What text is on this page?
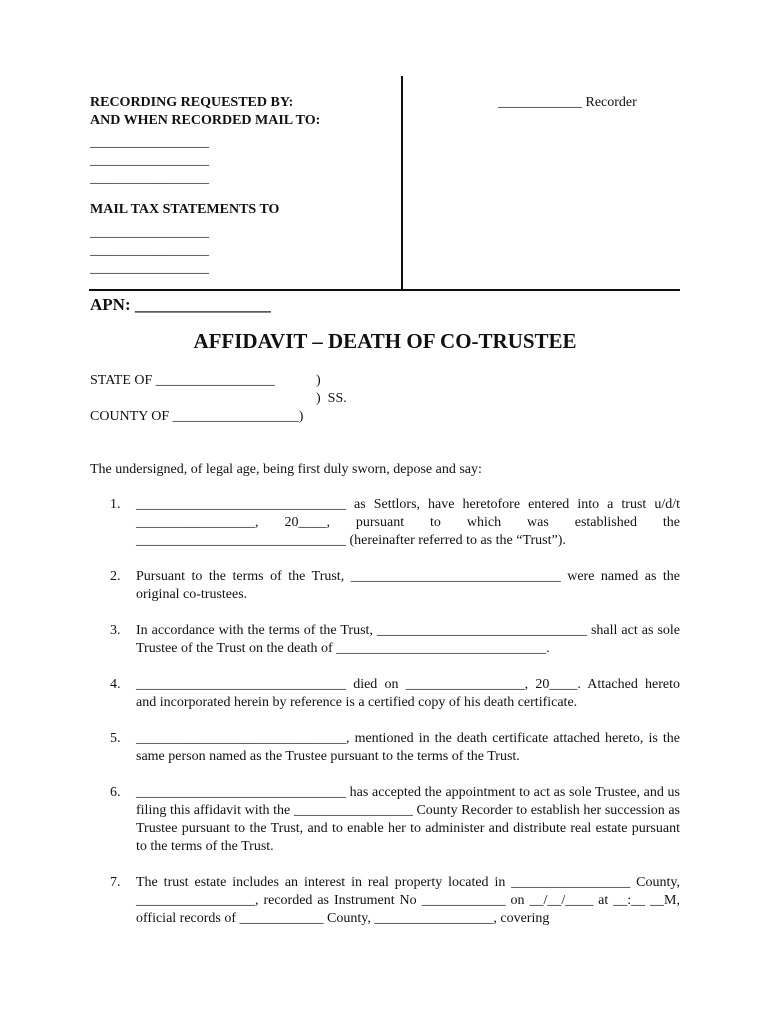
RECORDING REQUESTED BY:
AND WHEN RECORDED MAIL TO:
_________________
_________________
_________________
MAIL TAX STATEMENTS TO
_________________
_________________
_________________
____________ Recorder
APN: ________________
AFFIDAVIT – DEATH OF CO-TRUSTEE
STATE OF _________________	)
)  SS.
COUNTY OF __________________)
The undersigned, of legal age, being first duly sworn, depose and say:
1. ______________________________ as Settlors, have heretofore entered into a trust u/d/t _________________, 20____, pursuant to which was established the ______________________________ (hereinafter referred to as the “Trust”).
2. Pursuant to the terms of the Trust, ______________________________ were named as the original co-trustees.
3. In accordance with the terms of the Trust, ______________________________ shall act as sole Trustee of the Trust on the death of ______________________________.
4. ______________________________ died on _________________, 20____. Attached hereto and incorporated herein by reference is a certified copy of his death certificate.
5. ______________________________, mentioned in the death certificate attached hereto, is the same person named as the Trustee pursuant to the terms of the Trust.
6. ______________________________ has accepted the appointment to act as sole Trustee, and us filing this affidavit with the _________________ County Recorder to establish her succession as Trustee pursuant to the Trust, and to enable her to administer and distribute real estate pursuant to the terms of the Trust.
7. The trust estate includes an interest in real property located in _________________ County, _________________, recorded as Instrument No ____________ on __/__/____ at __:__ __M, official records of ____________ County, _________________, covering
